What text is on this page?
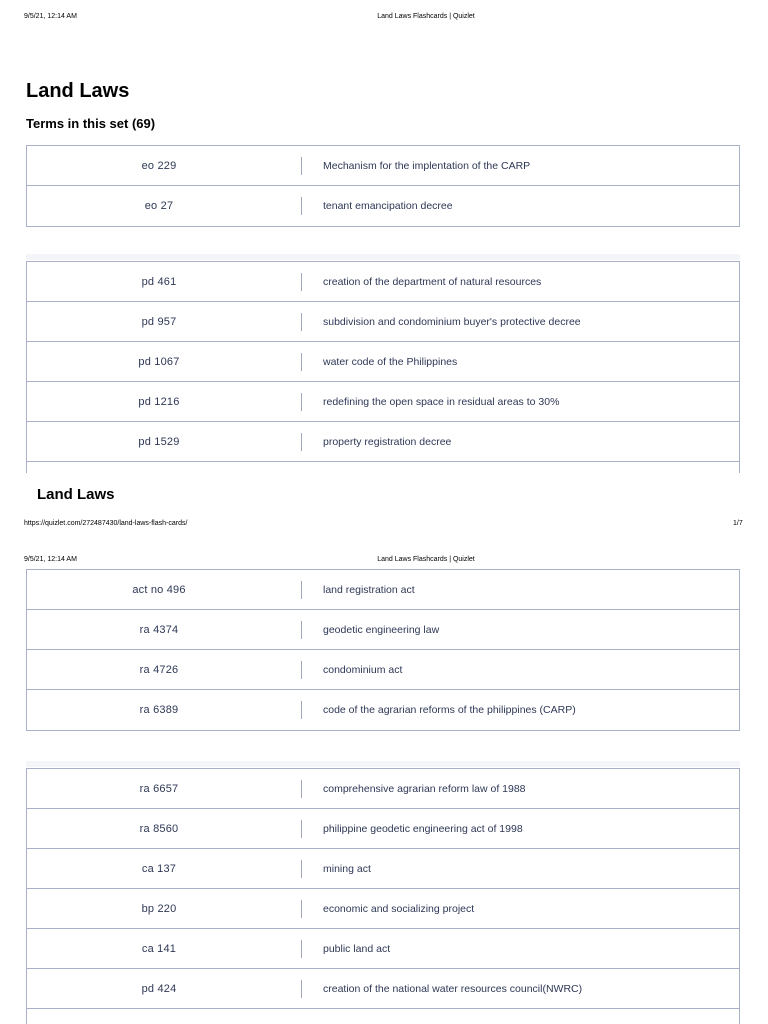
9/5/21, 12:14 AM	Land Laws Flashcards | Quizlet
Land Laws
Terms in this set (69)
eo 229	Mechanism for the implentation of the CARP
eo 27	tenant emancipation decree
pd 461	creation of the department of natural resources
pd 957	subdivision and condominium buyer's protective decree
pd 1067	water code of the Philippines
pd 1216	redefining the open space in residual areas to 30%
pd 1529	property registration decree
Land Laws
https://quizlet.com/272487430/land-laws-flash-cards/	1/7
9/5/21, 12:14 AM	Land Laws Flashcards | Quizlet
act no 496	land registration act
ra 4374	geodetic engineering law
ra 4726	condominium act
ra 6389	code of the agrarian reforms of the philippines (CARP)
ra 6657	comprehensive agrarian reform law of 1988
ra 8560	philippine geodetic engineering act of 1998
ca 137	mining act
bp 220	economic and socializing project
ca 141	public land act
pd 424	creation of the national water resources council(NWRC)
